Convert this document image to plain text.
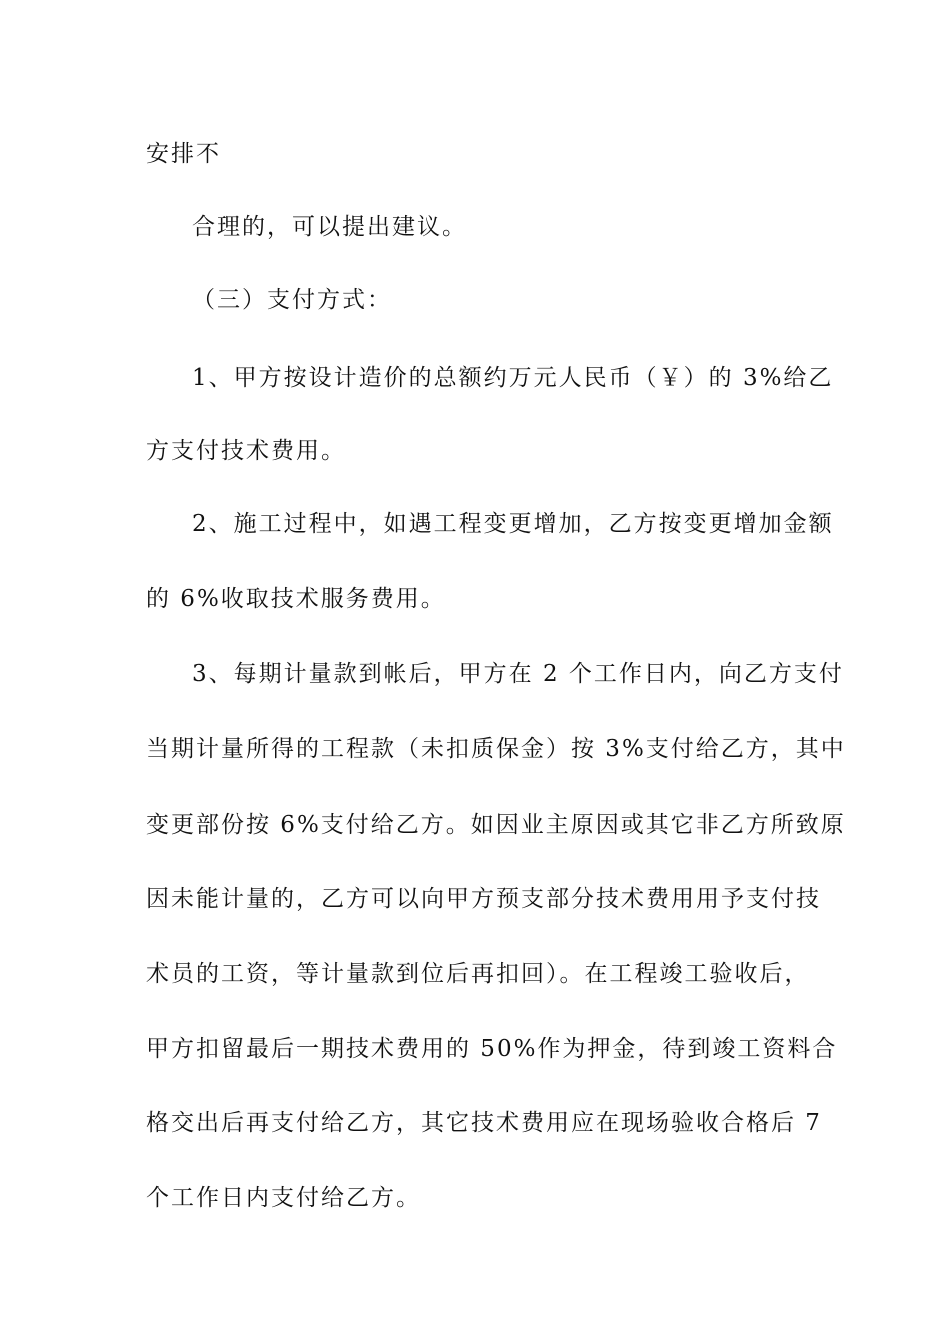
安排不
合理的，可以提出建议。
（三）支付方式：
1、甲方按设计造价的总额约万元人民币（￥）的 3%给乙
方支付技术费用。
2、施工过程中，如遇工程变更增加，乙方按变更增加金额
的 6%收取技术服务费用。
3、每期计量款到帐后，甲方在 2 个工作日内，向乙方支付
当期计量所得的工程款（未扣质保金）按 3%支付给乙方，其中
变更部份按 6%支付给乙方。如因业主原因或其它非乙方所致原
因未能计量的，乙方可以向甲方预支部分技术费用用予支付技
术员的工资，等计量款到位后再扣回）。在工程竣工验收后，
甲方扣留最后一期技术费用的 50%作为押金，待到竣工资料合
格交出后再支付给乙方，其它技术费用应在现场验收合格后 7
个工作日内支付给乙方。
